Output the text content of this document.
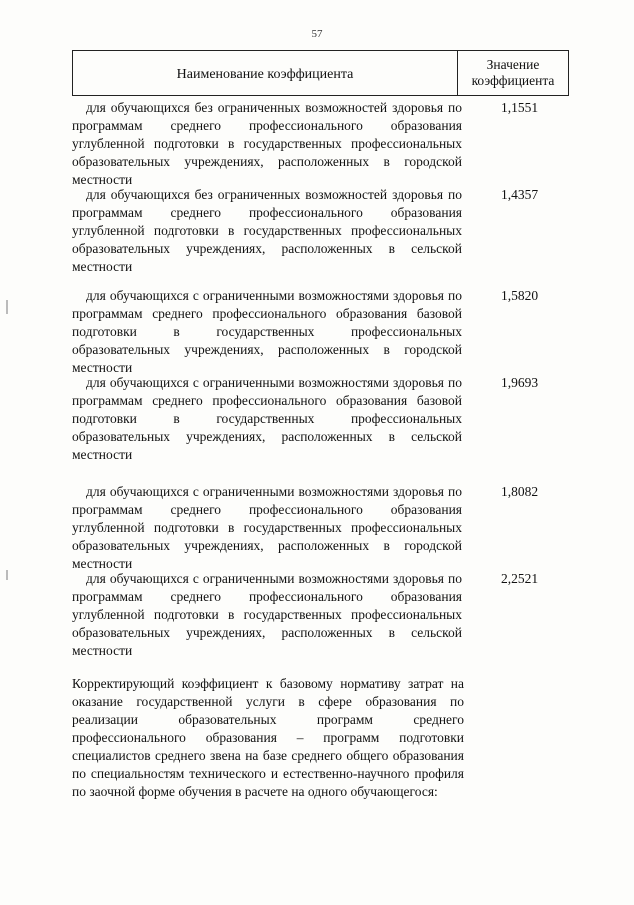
57
Наименование коэффициента
Значение
коэффициента
для обучающихся без ограниченных возможностей здоровья по программам среднего профессионального образования углубленной подготовки в государственных профессиональных образовательных учреждениях, расположенных в городской местности
1,1551
для обучающихся без ограниченных возможностей здоровья по программам среднего профессионального образования углубленной подготовки в государственных профессиональных образовательных учреждениях, расположенных в сельской местности
1,4357
для обучающихся с ограниченными возможностями здоровья по программам среднего профессионального образования базовой подготовки в государственных профессиональных образовательных учреждениях, расположенных в городской местности
1,5820
для обучающихся с ограниченными возможностями здоровья по программам среднего профессионального образования базовой подготовки в государственных профессиональных образовательных учреждениях, расположенных в сельской местности
1,9693
для обучающихся с ограниченными возможностями здоровья по программам среднего профессионального образования углубленной подготовки в государственных профессиональных образовательных учреждениях, расположенных в городской местности
1,8082
для обучающихся с ограниченными возможностями здоровья по программам среднего профессионального образования углубленной подготовки в государственных профессиональных образовательных учреждениях, расположенных в сельской местности
2,2521
Корректирующий коэффициент к базовому нормативу затрат на оказание государственной услуги в сфере образования по реализации образовательных программ среднего профессионального образования – программ подготовки специалистов среднего звена на базе среднего общего образования по специальностям технического и естественно-научного профиля по заочной форме обучения в расчете на одного обучающегося:
